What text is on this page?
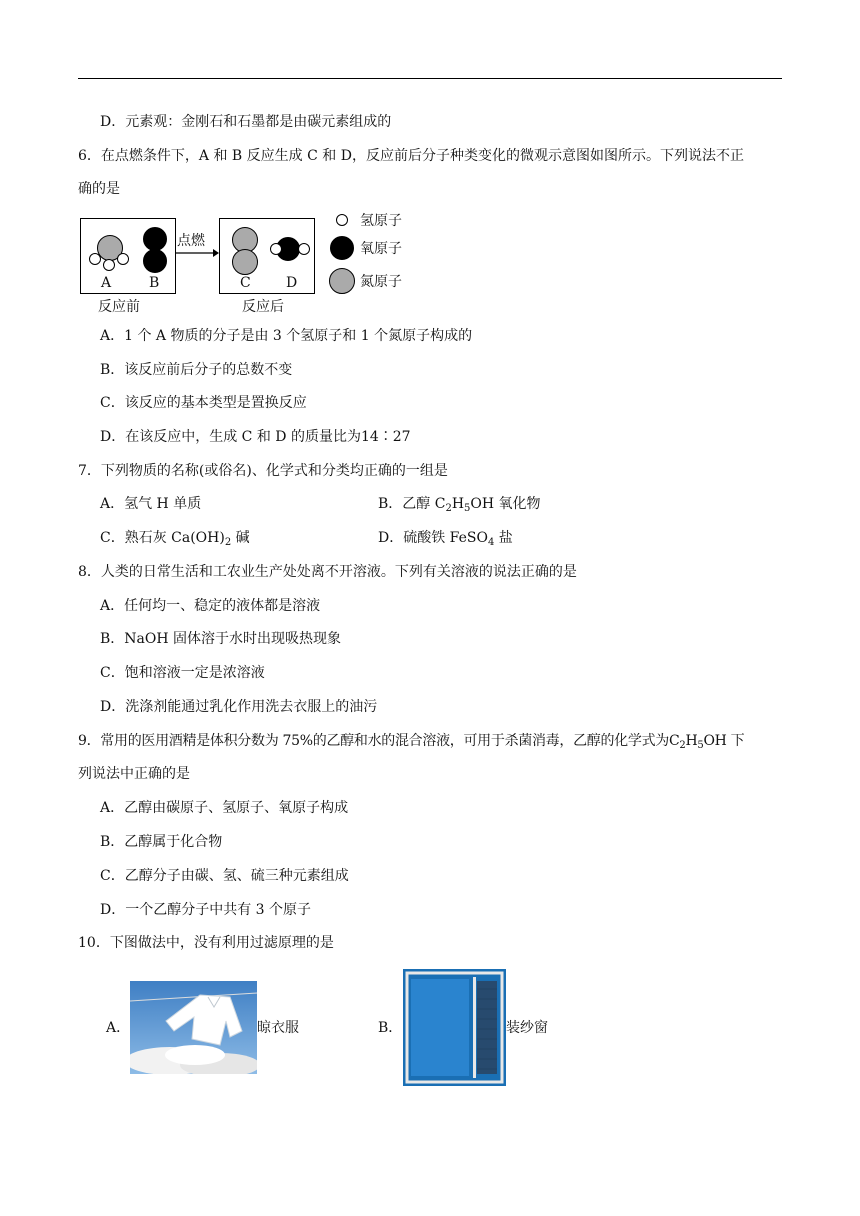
D．元素观：金刚石和石墨都是由碳元素组成的
6．在点燃条件下，A 和 B 反应生成 C 和 D，反应前后分子种类变化的微观示意图如图所示。下列说法不正
确的是
A	B
点燃
C	D
反应前	反应后
氢原子
氧原子
氮原子
A．1 个 A 物质的分子是由 3 个氢原子和 1 个氮原子构成的
B．该反应前后分子的总数不变
C．该反应的基本类型是置换反应
D．在该反应中，生成 C 和 D 的质量比为14∶27
7．下列物质的名称(或俗名)、化学式和分类均正确的一组是
A．氢气 H 单质	B．乙醇 $C_2H_5OH$ 氧化物
C．熟石灰 $Ca(OH)_2$ 碱	D．硫酸铁 FeSO$_4$ 盐
8．人类的日常生活和工农业生产处处离不开溶液。下列有关溶液的说法正确的是
A．任何均一、稳定的液体都是溶液
B．NaOH 固体溶于水时出现吸热现象
C．饱和溶液一定是浓溶液
D．洗涤剂能通过乳化作用洗去衣服上的油污
9．常用的医用酒精是体积分数为 75%的乙醇和水的混合溶液，可用于杀菌消毒，乙醇的化学式为$C_2H_5OH$ 下
列说法中正确的是
A．乙醇由碳原子、氢原子、氧原子构成
B．乙醇属于化合物
C．乙醇分子由碳、氢、硫三种元素组成
D．一个乙醇分子中共有 3 个原子
10．下图做法中，没有利用过滤原理的是
A．	晾衣服	B．	装纱窗
